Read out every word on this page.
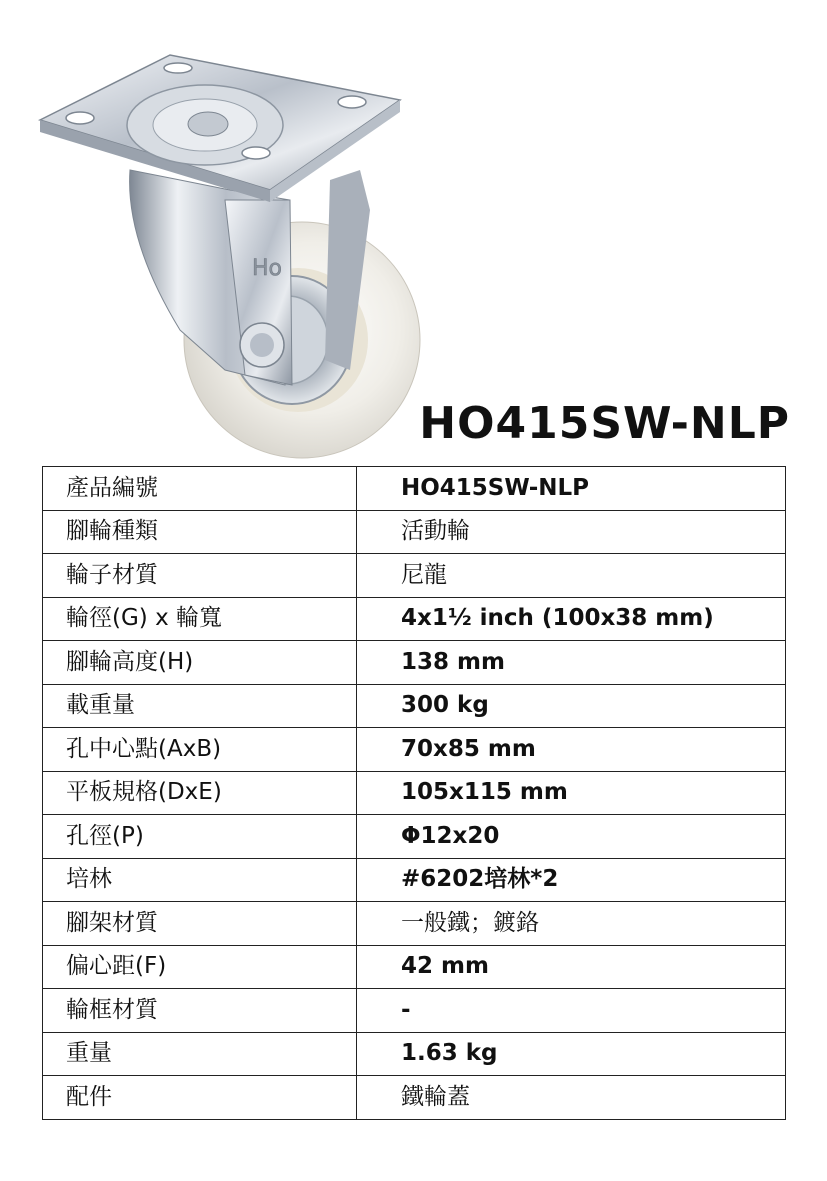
Hο
HO415SW-NLP
產品編號	HO415SW-NLP
腳輪種類	活動輪
輪子材質	尼龍
輪徑(G) x 輪寬	4x1½ inch (100x38 mm)
腳輪高度(H)	138 mm
載重量	300 kg
孔中心點(AxB)	70x85 mm
平板規格(DxE)	105x115 mm
孔徑(P)	Φ12x20
培林	#6202培林*2
腳架材質	一般鐵；鍍鉻
偏心距(F)	42 mm
輪框材質	-
重量	1.63 kg
配件	鐵輪蓋
